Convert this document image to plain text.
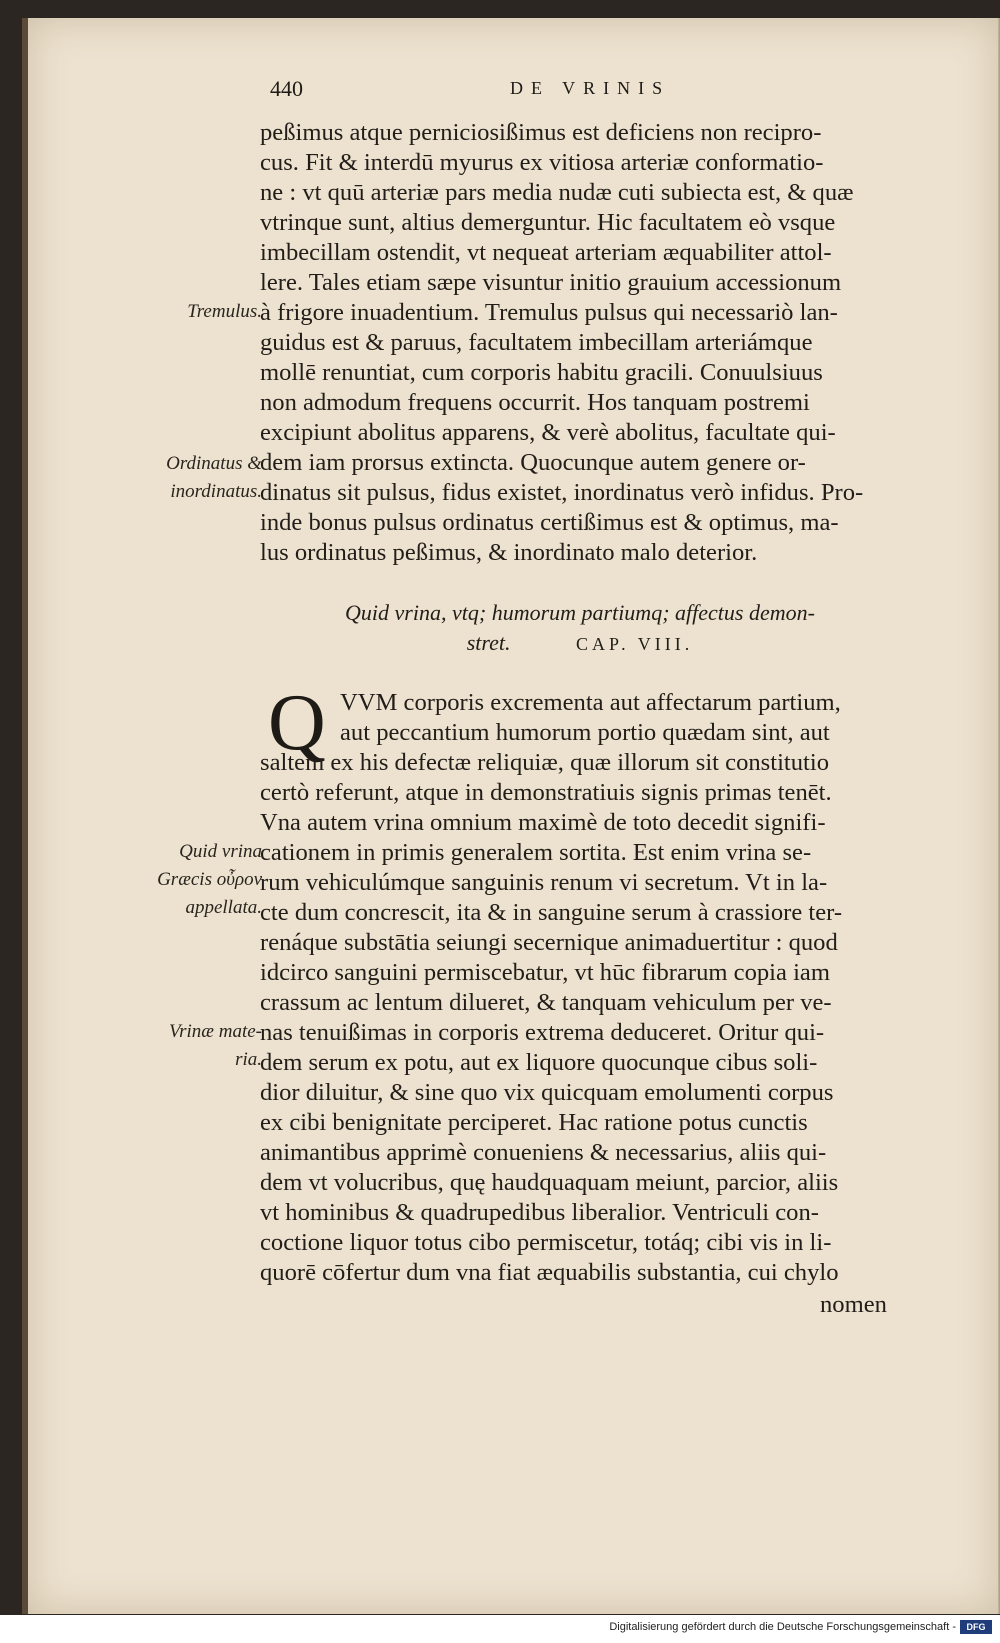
440	DE VRINIS
peßimus atque perniciosißimus est deficiens non recipro-
cus. Fit & interdū myurus ex vitiosa arteriæ conformatio-
ne : vt quū arteriæ pars media nudæ cuti subiecta est, & quæ
vtrinque sunt, altius demerguntur. Hic facultatem eò vsque
imbecillam ostendit, vt nequeat arteriam æquabiliter attol-
lere. Tales etiam sæpe visuntur initio grauium accessionum
à frigore inuadentium. Tremulus pulsus qui necessariò lan-
guidus est & paruus, facultatem imbecillam arteriámque
mollē renuntiat, cum corporis habitu gracili. Conuulsiuus
non admodum frequens occurrit. Hos tanquam postremi
excipiunt abolitus apparens, & verè abolitus, facultate qui-
dem iam prorsus extincta. Quocunque autem genere or-
dinatus sit pulsus, fidus existet, inordinatus verò infidus. Pro-
inde bonus pulsus ordinatus certißimus est & optimus, ma-
lus ordinatus peßimus, & inordinato malo deterior.
Tremulus.
Ordinatus &
inordinatus.
Quid vrina, vtq; humorum partiumq; affectus demon-
stret.	CAP. VIII.
Q VVM corporis excrementa aut affectarum partium,
aut peccantium humorum portio quædam sint, aut
saltem ex his defectæ reliquiæ, quæ illorum sit constitutio
certò referunt, atque in demonstratiuis signis primas tenēt.
Vna autem vrina omnium maximè de toto decedit signifi-
cationem in primis generalem sortita. Est enim vrina se-
rum vehiculúmque sanguinis renum vi secretum. Vt in la-
cte dum concrescit, ita & in sanguine serum à crassiore ter-
renáque substātia seiungi secernique animaduertitur : quod
idcirco sanguini permiscebatur, vt hūc fibrarum copia iam
crassum ac lentum dilueret, & tanquam vehiculum per ve-
nas tenuißimas in corporis extrema deduceret. Oritur qui-
dem serum ex potu, aut ex liquore quocunque cibus soli-
dior diluitur, & sine quo vix quicquam emolumenti corpus
ex cibi benignitate perciperet. Hac ratione potus cunctis
animantibus apprimè conueniens & necessarius, aliis qui-
dem vt volucribus, quę haudquaquam meiunt, parcior, aliis
vt hominibus & quadrupedibus liberalior. Ventriculi con-
coctione liquor totus cibo permiscetur, totáq; cibi vis in li-
quorē cōfertur dum vna fiat æquabilis substantia, cui chylo
nomen
Quid vrina
Græcis οὖρον
appellata.
Vrinæ mate-
ria.
Digitalisierung gefördert durch die Deutsche Forschungsgemeinschaft -	DFG
